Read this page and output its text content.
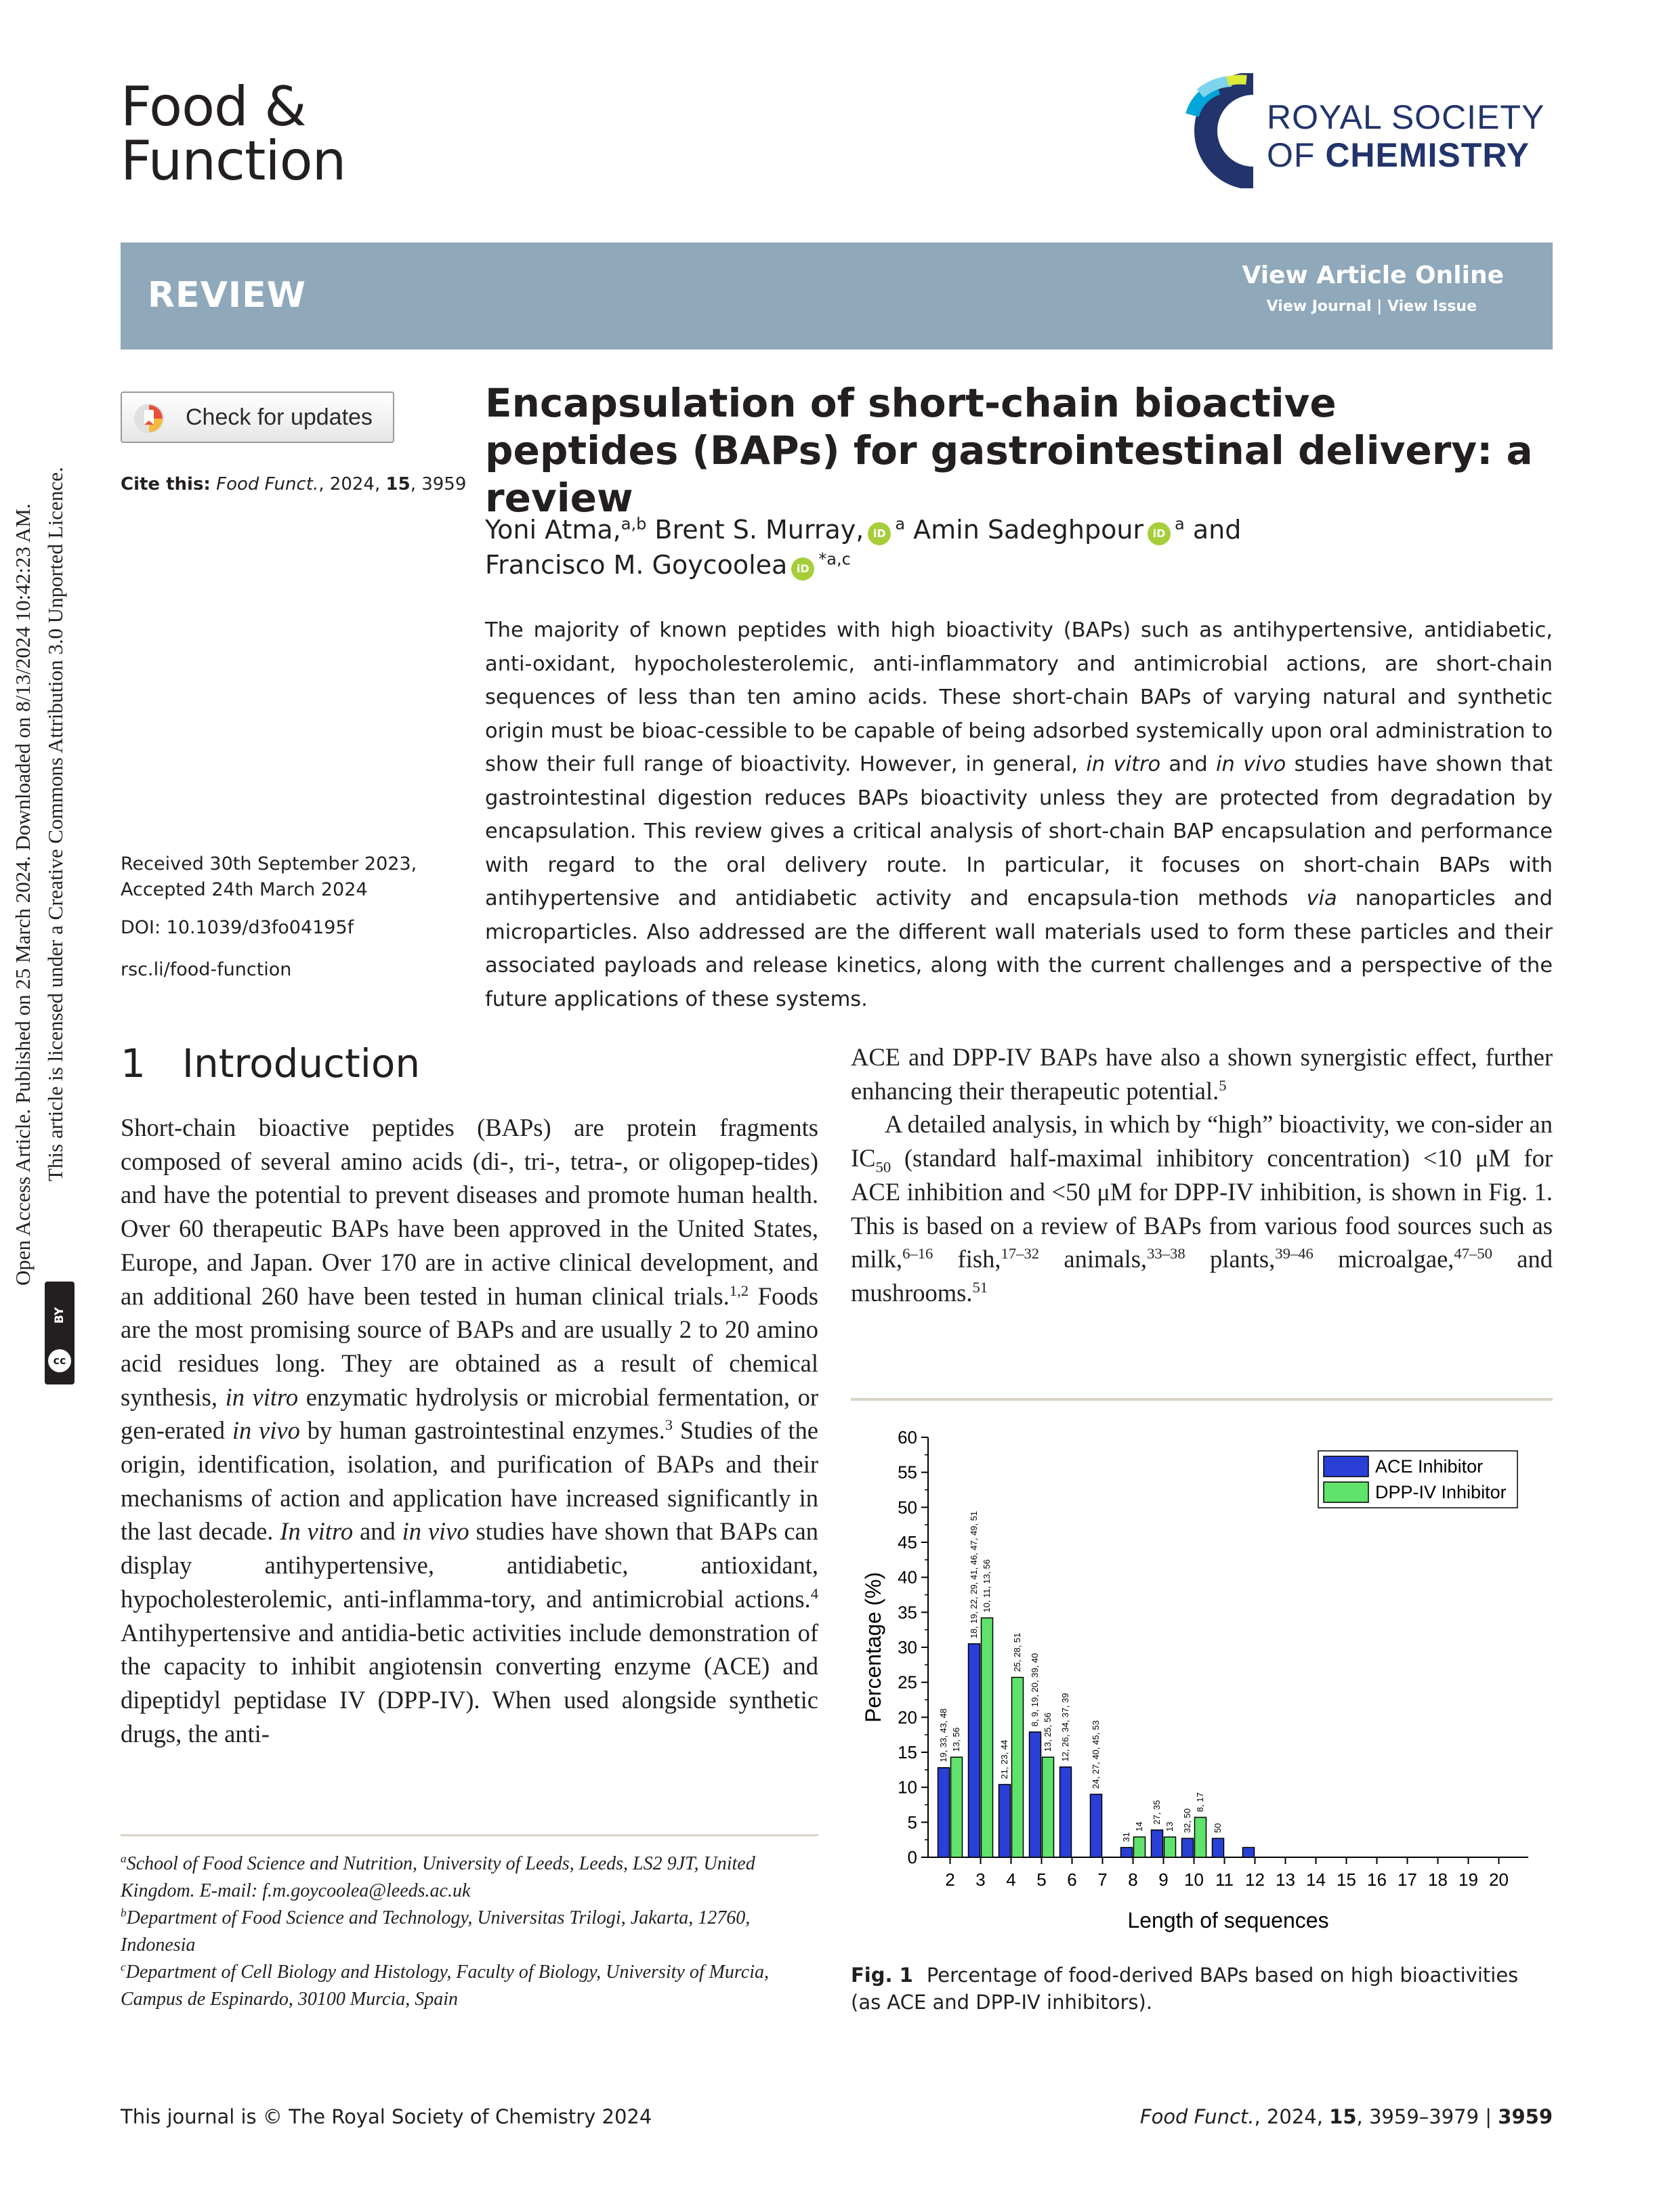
Food &
Function
ROYAL SOCIETY
OF CHEMISTRY
REVIEW	View Article Online
View Journal | View Issue
Open Access Article. Published on 25 March 2024. Downloaded on 8/13/2024 10:42:23 AM. This article is licensed under a Creative Commons Attribution 3.0 Unported Licence.
BY
cc
Check for updates
Cite this: Food Funct., 2024, 15, 3959
Received 30th September 2023,
Accepted 24th March 2024
DOI: 10.1039/d3fo04195f
rsc.li/food-function
Encapsulation of short-chain bioactive peptides (BAPs) for gastrointestinal delivery: a review
Yoni Atma,$^{a,b}$ Brent S. Murray, $iD^a$ Amin Sadeghpour $iD^a$ and
Francisco M. Goycoolea iD$^{*a,c}$
The majority of known peptides with high bioactivity (BAPs) such as antihypertensive, antidiabetic, anti-oxidant, hypocholesterolemic, anti-inflammatory and antimicrobial actions, are short-chain sequences of less than ten amino acids. These short-chain BAPs of varying natural and synthetic origin must be bioac-cessible to be capable of being adsorbed systemically upon oral administration to show their full range of bioactivity. However, in general, in vitro and in vivo studies have shown that gastrointestinal digestion reduces BAPs bioactivity unless they are protected from degradation by encapsulation. This review gives a critical analysis of short-chain BAP encapsulation and performance with regard to the oral delivery route. In particular, it focuses on short-chain BAPs with antihypertensive and antidiabetic activity and encapsula-tion methods via nanoparticles and microparticles. Also addressed are the different wall materials used to form these particles and their associated payloads and release kinetics, along with the current challenges and a perspective of the future applications of these systems.
1 Introduction
Short-chain bioactive peptides (BAPs) are protein fragments composed of several amino acids (di-, tri-, tetra-, or oligopep-tides) and have the potential to prevent diseases and promote human health. Over 60 therapeutic BAPs have been approved in the United States, Europe, and Japan. Over 170 are in active clinical development, and an additional 260 have been tested in human clinical trials.$^{1,2}$ Foods are the most promising source of BAPs and are usually 2 to 20 amino acid residues long. They are obtained as a result of chemical synthesis, in vitro enzymatic hydrolysis or microbial fermentation, or gen-erated in vivo by human gastrointestinal enzymes.$^3$ Studies of the origin, identification, isolation, and purification of BAPs and their mechanisms of action and application have increased significantly in the last decade. In vitro and in vivo studies have shown that BAPs can display antihypertensive, antidiabetic, antioxidant, hypocholesterolemic, anti-inflamma-tory, and antimicrobial actions.$^4$ Antihypertensive and antidia-betic activities include demonstration of the capacity to inhibit angiotensin converting enzyme (ACE) and dipeptidyl peptidase IV (DPP-IV). When used alongside synthetic drugs, the anti-

ACE and DPP-IV BAPs have also a shown synergistic effect, further enhancing their therapeutic potential.$^5$

A detailed analysis, in which by “high” bioactivity, we con-sider an $IC_{50}$ (standard half-maximal inhibitory concentration) <10 μM for ACE inhibition and <50 μM for DPP-IV inhibition, is shown in Fig. 1. This is based on a review of BAPs from various food sources such as milk,$^{6-16}$ fish,$^{17-32}$ animals,$^{33-38}$ plants,$^{39-46}$ microalgae,$^{47-50}$ and mushrooms.$^{51}$

$^a$School of Food Science and Nutrition, University of Leeds, Leeds, LS2 9JT, United Kingdom. E-mail: f.m.goycoolea@leeds.ac.uk
$^b$Department of Food Science and Technology, Universitas Trilogi, Jakarta, 12760, Indonesia
$^c$Department of Cell Biology and Histology, Faculty of Biology, University of Murcia, Campus de Espinardo, 30100 Murcia, Spain
0
5
10
15
20
25
30
35
40
45
50
55
60
2 3 4 5 6 7 8 9 10 11 12 13 14 15 16 17 18 19 20
19, 33, 43, 48
18, 19, 22, 29, 41, 46, 47, 49, 51
21, 23, 44
8, 9, 19, 20, 39, 40
12, 26, 34, 37, 39 24, 27, 40, 45, 53
31
27, 35 32, 50 50
13, 56
10, 11, 13, 56
25, 28, 51
13, 25, 56
14 13
8, 17
Length of sequences
Percentage (%)
ACE Inhibitor
DPP-IV Inhibitor
Fig. 1 Percentage of food-derived BAPs based on high bioactivities (as ACE and DPP-IV inhibitors).
This journal is © The Royal Society of Chemistry 2024	Food Funct., 2024, 15, 3959–3979 | 3959
